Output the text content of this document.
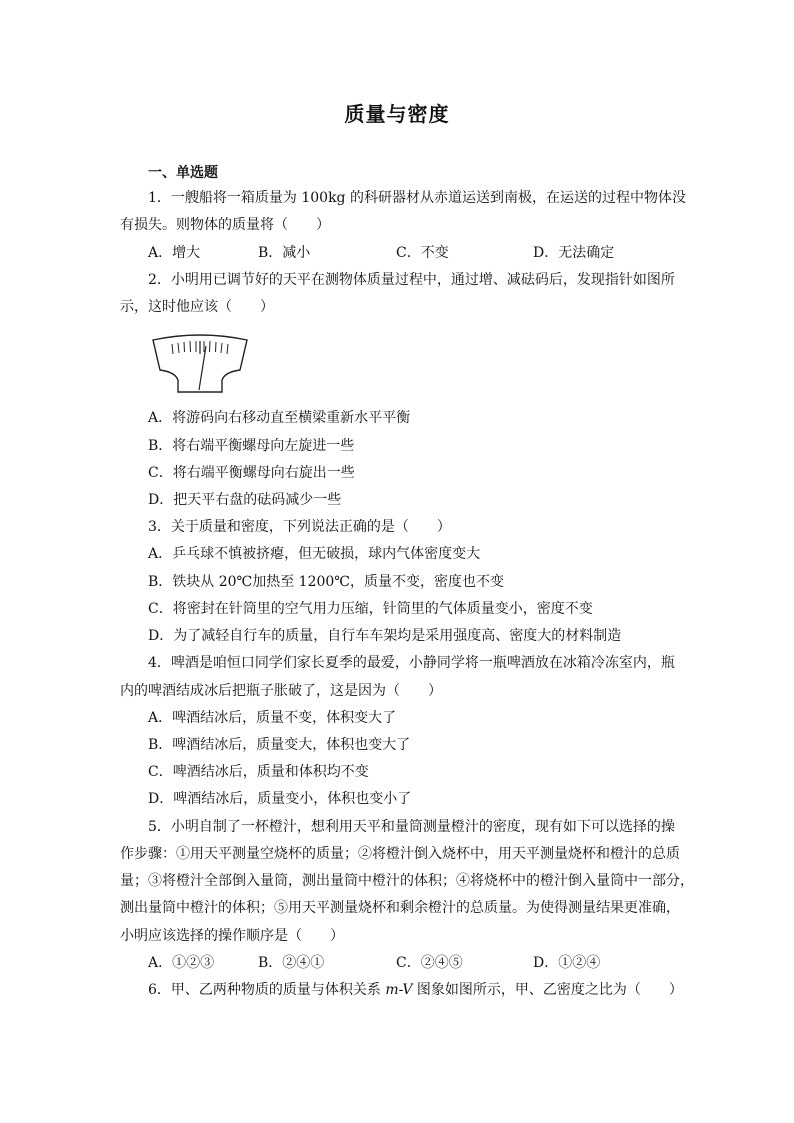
质量与密度
一、单选题
1．一艘船将一箱质量为 100kg 的科研器材从赤道运送到南极，在运送的过程中物体没
有损失。则物体的质量将（　　）
A．增大	B．减小	C．不变	D．无法确定
2．小明用已调节好的天平在测物体质量过程中，通过增、减砝码后，发现指针如图所
示，这时他应该（　　）
A．将游码向右移动直至横梁重新水平平衡
B．将右端平衡螺母向左旋进一些
C．将右端平衡螺母向右旋出一些
D．把天平右盘的砝码减少一些
3．关于质量和密度，下列说法正确的是（　　）
A．乒乓球不慎被挤瘪，但无破损，球内气体密度变大
B．铁块从 20℃加热至 1200℃，质量不变，密度也不变
C．将密封在针筒里的空气用力压缩，针筒里的气体质量变小，密度不变
D．为了减轻自行车的质量，自行车车架均是采用强度高、密度大的材料制造
4．啤酒是咱恒口同学们家长夏季的最爱，小静同学将一瓶啤酒放在冰箱冷冻室内，瓶
内的啤酒结成冰后把瓶子胀破了，这是因为（　　）
A．啤酒结冰后，质量不变，体积变大了
B．啤酒结冰后，质量变大，体积也变大了
C．啤酒结冰后，质量和体积均不变
D．啤酒结冰后，质量变小，体积也变小了
5．小明自制了一杯橙汁，想利用天平和量筒测量橙汁的密度，现有如下可以选择的操
作步骤：①用天平测量空烧杯的质量；②将橙汁倒入烧杯中，用天平测量烧杯和橙汁的总质
量；③将橙汁全部倒入量筒，测出量筒中橙汁的体积；④将烧杯中的橙汁倒入量筒中一部分，
测出量筒中橙汁的体积；⑤用天平测量烧杯和剩余橙汁的总质量。为使得测量结果更准确，
小明应该选择的操作顺序是（　　）
A．①②③	B．②④①	C．②④⑤	D．①②④
6．甲、乙两种物质的质量与体积关系 m-V 图象如图所示，甲、乙密度之比为（　　）
